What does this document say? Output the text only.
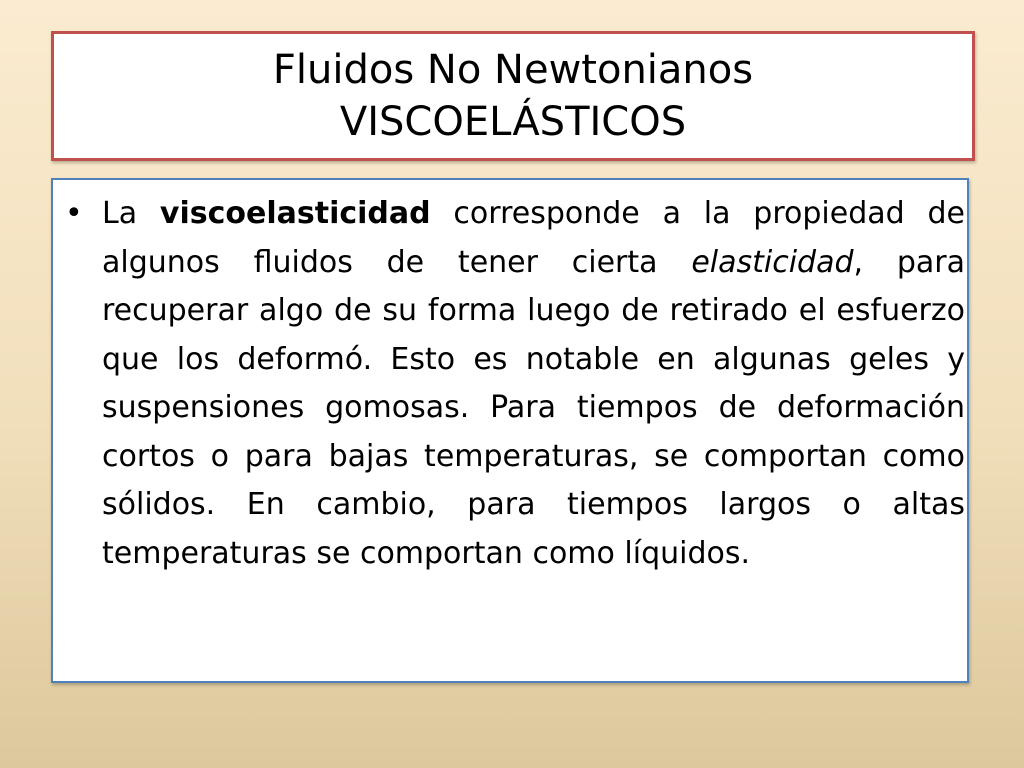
Fluidos No Newtonianos
VISCOELÁSTICOS
• La viscoelasticidad corresponde a la propiedad de algunos fluidos de tener cierta elasticidad, para recuperar algo de su forma luego de retirado el esfuerzo que los deformó. Esto es notable en algunas geles y suspensiones gomosas. Para tiempos de deformación cortos o para bajas temperaturas, se comportan como sólidos. En cambio, para tiempos largos o altas temperaturas se comportan como líquidos.
